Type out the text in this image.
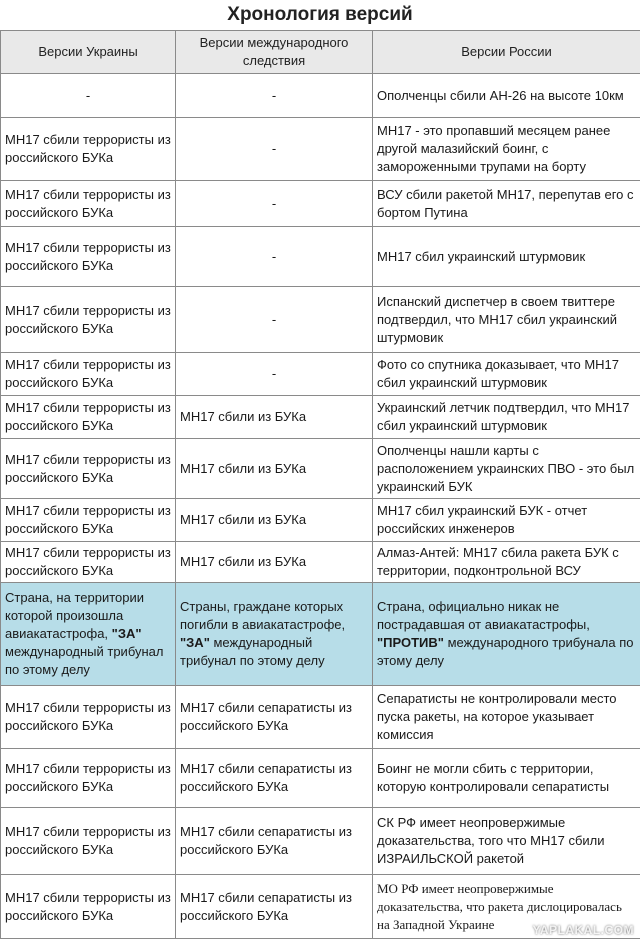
Хронология версий
Версии Украины	Версии международного следствия	Версии России
-	-	Ополченцы сбили АН-26 на высоте 10км
МН17 сбили террористы из российского БУКа	-	МН17 - это пропавший месяцем ранее другой малазийский боинг, с замороженными трупами на борту
МН17 сбили террористы из российского БУКа	-	ВСУ сбили ракетой МН17, перепутав его с бортом Путина
МН17 сбили террористы из российского БУКа	-	МН17 сбил украинский штурмовик
МН17 сбили террористы из российского БУКа	-	Испанский диспетчер в своем твиттере подтвердил, что МН17 сбил украинский штурмовик
МН17 сбили террористы из российского БУКа	-	Фото со спутника доказывает, что МН17 сбил украинский штурмовик
МН17 сбили террористы из российского БУКа	МН17 сбили из БУКа	Украинский летчик подтвердил, что МН17 сбил украинский штурмовик
МН17 сбили террористы из российского БУКа	МН17 сбили из БУКа	Ополченцы нашли карты с расположением украинских ПВО - это был украинский БУК
МН17 сбили террористы из российского БУКа	МН17 сбили из БУКа	МН17 сбил украинский БУК - отчет российских инженеров
МН17 сбили террористы из российского БУКа	МН17 сбили из БУКа	Алмаз-Антей: МН17 сбила ракета БУК с территории, подконтрольной ВСУ
Страна, на территории которой произошла авиакатастрофа, "ЗА" международный трибунал по этому делу	Страны, граждане которых погибли в авиакатастрофе, "ЗА" международный трибунал по этому делу	Страна, официально никак не пострадавшая от авиакатастрофы, "ПРОТИВ" международного трибунала по этому делу
МН17 сбили террористы из российского БУКа	МН17 сбили сепаратисты из российского БУКа	Сепаратисты не контролировали место пуска ракеты, на которое указывает комиссия
МН17 сбили террористы из российского БУКа	МН17 сбили сепаратисты из российского БУКа	Боинг не могли сбить с территории, которую контролировали сепаратисты
МН17 сбили террористы из российского БУКа	МН17 сбили сепаратисты из российского БУКа	СК РФ имеет неопровержимые доказательства, того что МН17 сбили ИЗРАИЛЬСКОЙ ракетой
МН17 сбили террористы из российского БУКа	МН17 сбили сепаратисты из российского БУКа	МО РФ имеет неопровержимые доказательства, что ракета дислоцировалась на Западной Украине	YAPLAKAL.COM
